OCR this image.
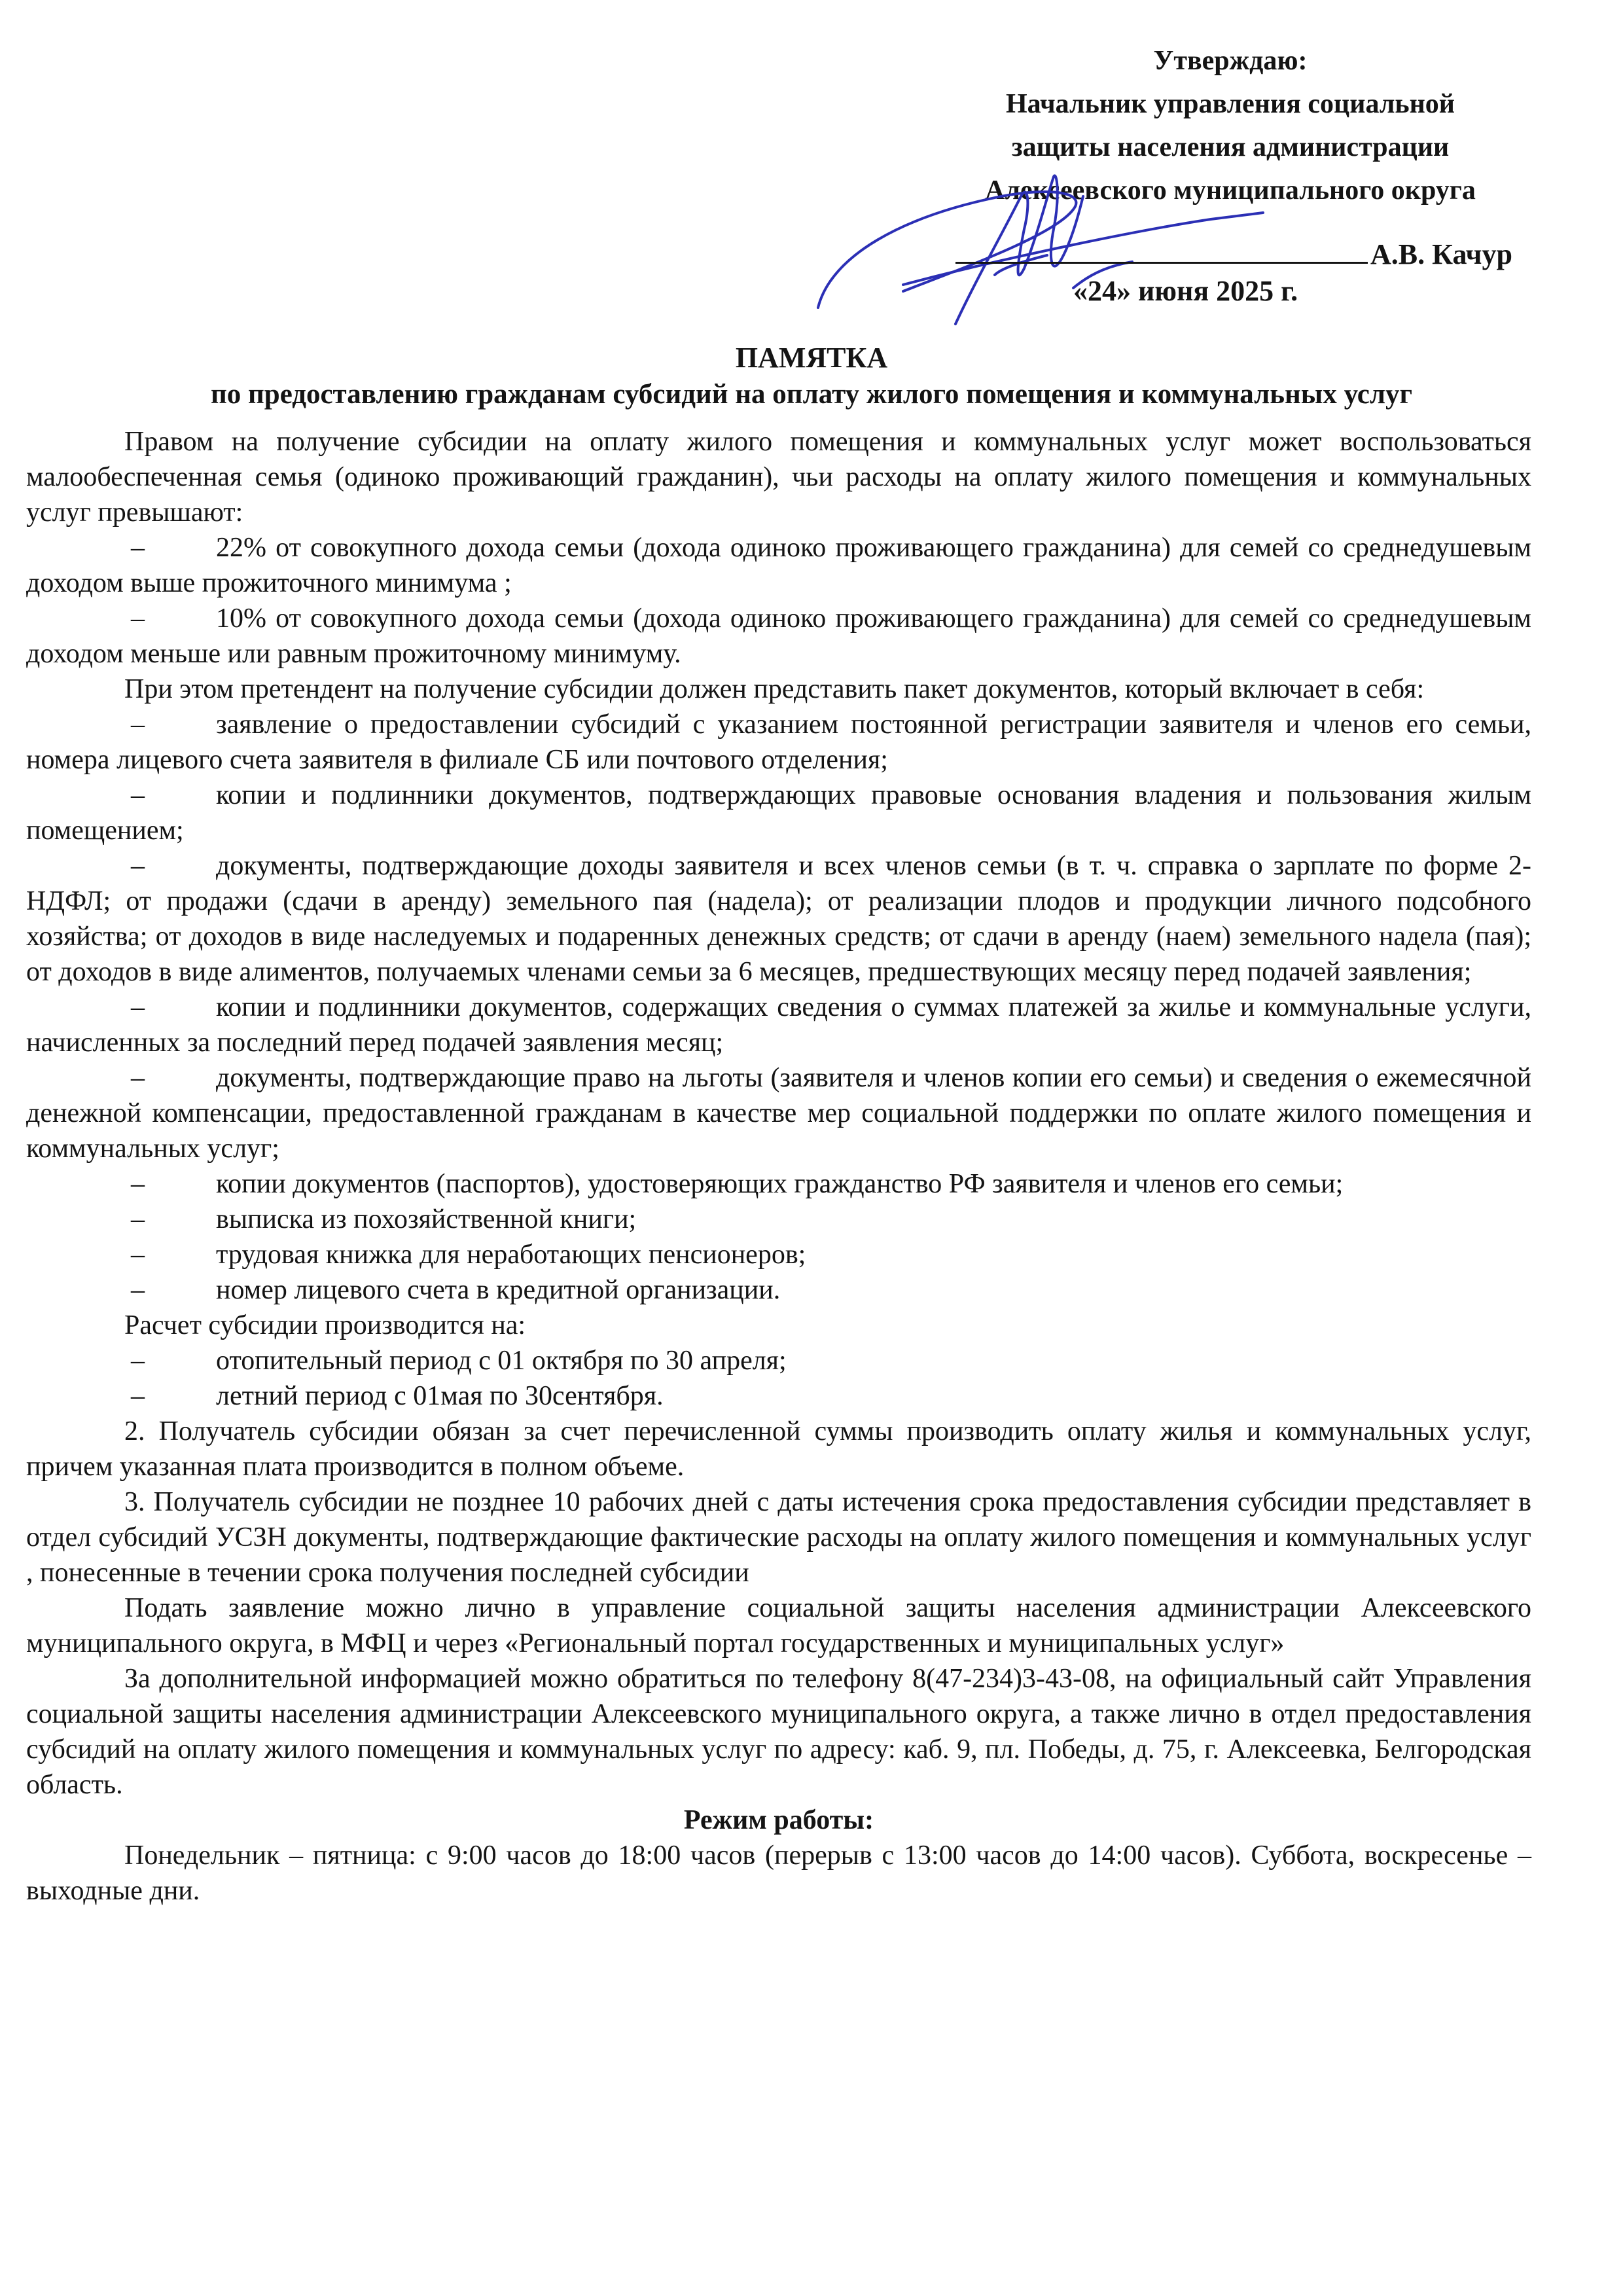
Утверждаю:
Начальник управления социальной
защиты населения администрации
Алексеевского муниципального округа
А.В. Качур
«24» июня 2025 г.
ПАМЯТКА
по предоставлению гражданам субсидий на оплату жилого помещения и коммунальных услуг

Правом на получение субсидии на оплату жилого помещения и коммунальных услуг может воспользоваться малообеспеченная семья (одиноко проживающий гражданин), чьи расходы на оплату жилого помещения и коммунальных услуг превышают:

–	22% от совокупного дохода семьи (дохода одиноко проживающего гражданина) для семей со среднедушевым доходом выше прожиточного минимума ;

–	10% от совокупного дохода семьи (дохода одиноко проживающего гражданина) для семей со среднедушевым доходом меньше или равным прожиточному минимуму.

При этом претендент на получение субсидии должен представить пакет документов, который включает в себя:

–	заявление о предоставлении субсидий с указанием постоянной регистрации заявителя и членов его семьи, номера лицевого счета заявителя в филиале СБ или почтового отделения;

–	копии и подлинники документов, подтверждающих правовые основания владения и пользования жилым помещением;

–	документы, подтверждающие доходы заявителя и всех членов семьи (в т. ч. справка о зарплате по форме 2-НДФЛ; от продажи (сдачи в аренду) земельного пая (надела); от реализации плодов и продукции личного подсобного хозяйства; от доходов в виде наследуемых и подаренных денежных средств; от сдачи в аренду (наем) земельного надела (пая); от доходов в виде алиментов, получаемых членами семьи за 6 месяцев, предшествующих месяцу перед подачей заявления;

–	копии и подлинники документов, содержащих сведения о суммах платежей за жилье и коммунальные услуги, начисленных за последний перед подачей заявления месяц;

–	документы, подтверждающие право на льготы (заявителя и членов копии его семьи) и сведения о ежемесячной денежной компенсации, предоставленной гражданам в качестве мер социальной поддержки по оплате жилого помещения и коммунальных услуг;

–	копии документов (паспортов), удостоверяющих гражданство РФ заявителя и членов его семьи;

–	выписка из похозяйственной книги;

–	трудовая книжка для неработающих пенсионеров;

–	номер лицевого счета в кредитной организации.

Расчет субсидии производится на:

–	отопительный период с 01 октября по 30 апреля;

–	летний период с 01мая по 30сентября.

2. Получатель субсидии обязан за счет перечисленной суммы производить оплату жилья и коммунальных услуг, причем указанная плата производится в полном объеме.

3. Получатель субсидии не позднее 10 рабочих дней с даты истечения срока предоставления субсидии представляет в отдел субсидий УСЗН документы, подтверждающие фактические расходы на оплату жилого помещения и коммунальных услуг , понесенные в течении срока получения последней субсидии

Подать заявление можно лично в управление социальной защиты населения администрации Алексеевского муниципального округа, в МФЦ и через «Региональный портал государственных и муниципальных услуг»

За дополнительной информацией можно обратиться по телефону 8(47-234)3-43-08, на официальный сайт Управления социальной защиты населения администрации Алексеевского муниципального округа, а также лично в отдел предоставления субсидий на оплату жилого помещения и коммунальных услуг по адресу: каб. 9, пл. Победы, д. 75, г. Алексеевка, Белгородская область.

Режим работы:

Понедельник – пятница: с 9:00 часов до 18:00 часов (перерыв с 13:00 часов до 14:00 часов). Суббота, воскресенье – выходные дни.
